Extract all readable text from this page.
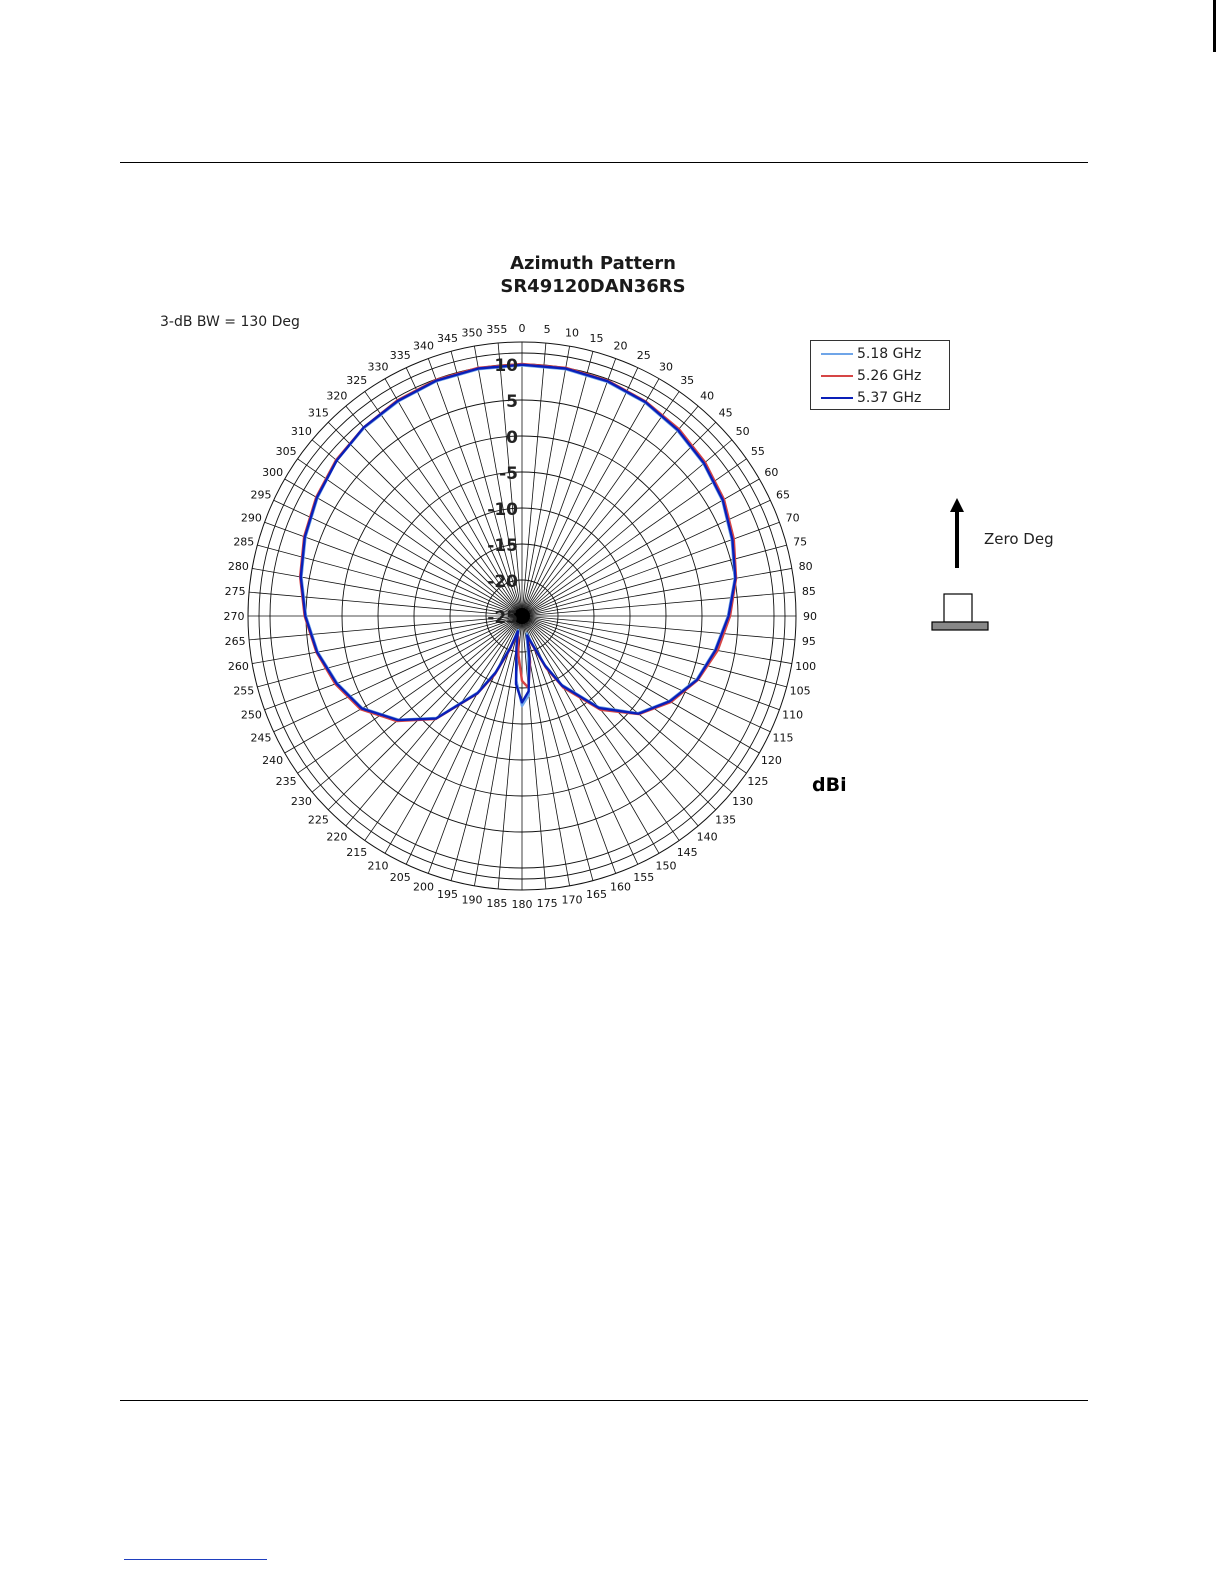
Azimuth Pattern
SR49120DAN36RS
3-dB BW = 130 Deg	0 5 10 15
20
25
30
35
40
45
50
55
60
65
70
75
80
85
90
95
100
105
110
115
120
125
130
135
140
145
150
155
160
165
170
175
180
185
190
195
200
205
210
215
220
225
230
235
240
245
250
255
260
265
270
275
280
285
290
295
300
305
310
315
320
325
330
335
340
345 350 355
10
5
0
-5
-10
-15
-20
-25
5.18 GHz
5.26 GHz
5.37 GHz
Zero Deg
dBi
